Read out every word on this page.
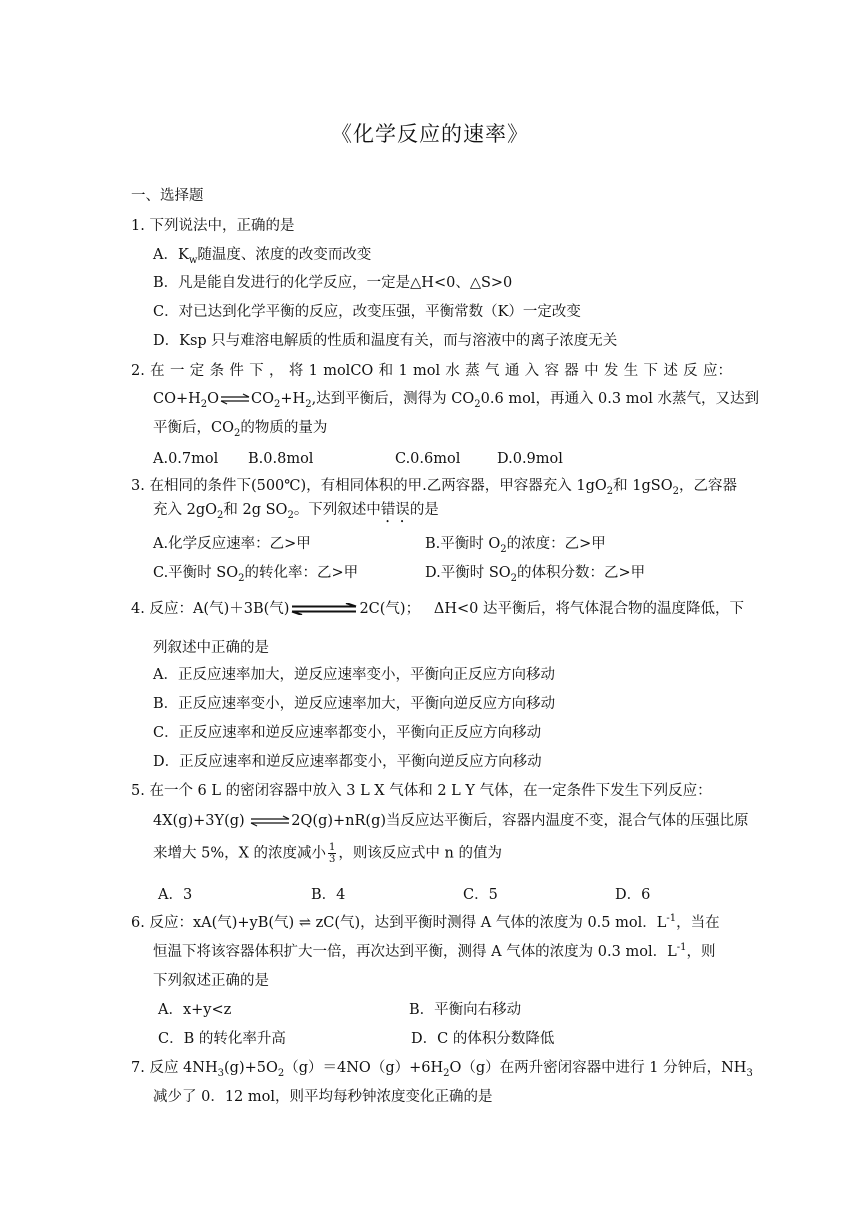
《化学反应的速率》
一、选择题
1. 下列说法中，正确的是
A．$K_w$随温度、浓度的改变而改变
B．凡是能自发进行的化学反应，一定是△H<0、△S>0
C．对已达到化学平衡的反应，改变压强，平衡常数（K）一定改变
D．Ksp 只与难溶电解质的性质和温度有关，而与溶液中的离子浓度无关
2. 在 一 定 条 件 下 ， 将 1 molCO 和 1 mol 水 蒸 气 通 入 容 器 中 发 生 下 述 反 应：
$CO+H_2O\rightleftharpoons CO_2+H_2$,达到平衡后，测得为 $CO_20.6$ mol，再通入 0.3 mol 水蒸气，又达到
平衡后，$CO_2$的物质的量为
A.0.7mol B.0.8mol	C.0.6mol	D.0.9mol
3. 在相同的条件下(500℃)，有相同体积的甲.乙两容器，甲容器充入 $1gO_2$和 1gSO$_2$，乙容器
充入 $2gO_2$和 2g $SO_2$。下列叙述中错误的是
A.化学反应速率：乙>甲	B.平衡时 $O_2$的浓度：乙>甲
C.平衡时 $SO_2$的转化率：乙>甲	D.平衡时 $SO_2$的体积分数：乙>甲
4. 反应：A(气)＋3B(气)	2C(气)； ΔH<0 达平衡后，将气体混合物的温度降低，下
列叙述中正确的是
A．正反应速率加大，逆反应速率变小，平衡向正反应方向移动
B．正反应速率变小，逆反应速率加大，平衡向逆反应方向移动
C．正反应速率和逆反应速率都变小，平衡向正反应方向移动
D．正反应速率和逆反应速率都变小，平衡向逆反应方向移动
5. 在一个 6 L 的密闭容器中放入 3 L X 气体和 2 L Y 气体，在一定条件下发生下列反应：
4X(g)+3Y(g) ⇌2Q(g)+nR(g)当反应达平衡后，容器内温度不变，混合气体的压强比原
来增大 5%，X 的浓度减小 $\frac{1}{3}$ ，则该反应式中 n 的值为
A．3	B．4	C．5	D．6
6. 反应：xA(气)+yB(气) ⇌ zC(气)，达到平衡时测得 A 气体的浓度为 0.5 mol．$L^{-1}$，当在
恒温下将该容器体积扩大一倍，再次达到平衡，测得 A 气体的浓度为 0.3 mol．$L^{-1}$，则
下列叙述正确的是
A．x+y<z	B．平衡向右移动
C．B 的转化率升高	D．C 的体积分数降低
7. 反应 $4NH_3(g)+5O_2(g)=4NO(g)+6H_2O(g)$在两升密闭容器中进行 1 分钟后，$NH_3$
减少了 0．12 mol，则平均每秒钟浓度变化正确的是
